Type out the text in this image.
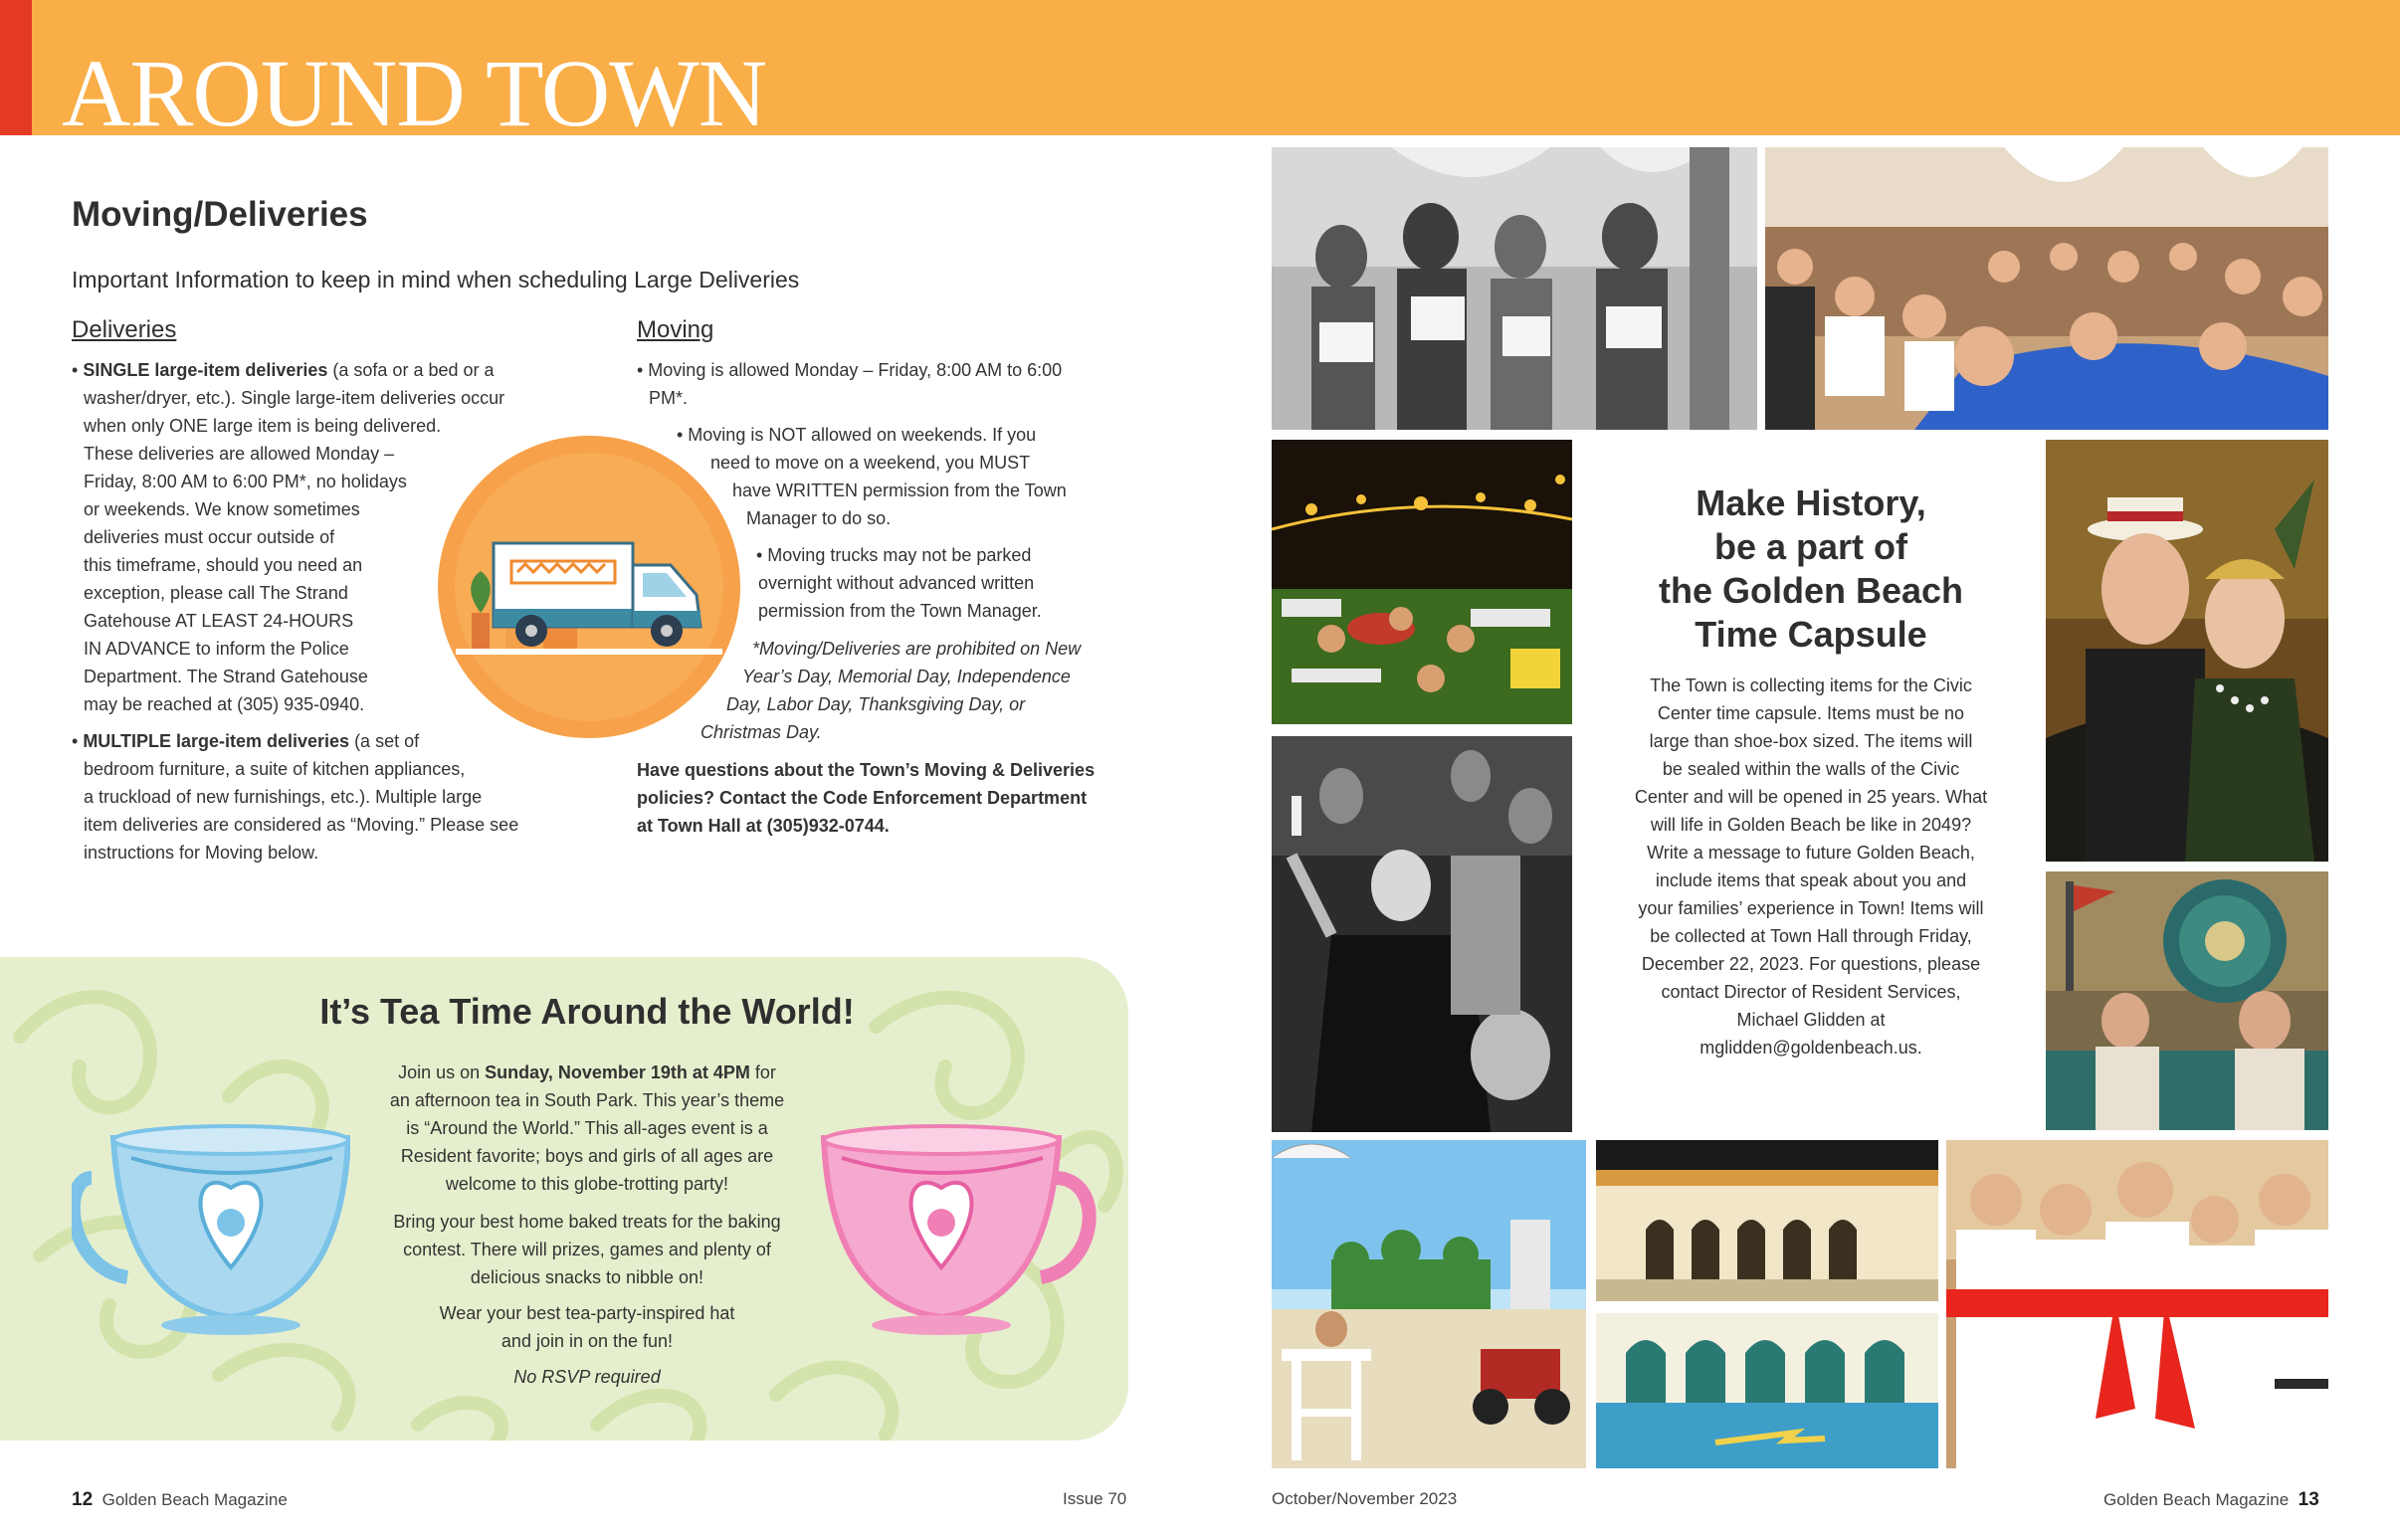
AROUND TOWN
Moving/Deliveries
Important Information to keep in mind when scheduling Large Deliveries
Deliveries	Moving
• SINGLE large-item deliveries (a sofa or a bed or a
washer/dryer, etc.). Single large-item deliveries occur
when only ONE large item is being delivered.
These deliveries are allowed Monday –
Friday, 8:00 AM to 6:00 PM*, no holidays
or weekends. We know sometimes
deliveries must occur outside of
this timeframe, should you need an
exception, please call The Strand
Gatehouse AT LEAST 24-HOURS
IN ADVANCE to inform the Police
Department. The Strand Gatehouse
may be reached at (305) 935-0940.
• MULTIPLE large-item deliveries (a set of
bedroom furniture, a suite of kitchen appliances,
a truckload of new furnishings, etc.). Multiple large
item deliveries are considered as “Moving.” Please see
instructions for Moving below.
• Moving is allowed Monday – Friday, 8:00 AM to 6:00
PM*.
• Moving is NOT allowed on weekends. If you
need to move on a weekend, you MUST
have WRITTEN permission from the Town
Manager to do so.
• Moving trucks may not be parked
overnight without advanced written
permission from the Town Manager.
*Moving/Deliveries are prohibited on New
Year’s Day, Memorial Day, Independence
Day, Labor Day, Thanksgiving Day, or
Christmas Day.
Have questions about the Town’s Moving & Deliveries
policies? Contact the Code Enforcement Department
at Town Hall at (305)932-0744.
It’s Tea Time Around the World!
Join us on Sunday, November 19th at 4PM for
an afternoon tea in South Park. This year’s theme
is “Around the World.” This all-ages event is a
Resident favorite; boys and girls of all ages are
welcome to this globe-trotting party!
Bring your best home baked treats for the baking
contest. There will prizes, games and plenty of
delicious snacks to nibble on!
Wear your best tea-party-inspired hat
and join in on the fun!
No RSVP required
12 Golden Beach Magazine	Issue 70	October/November 2023	Golden Beach Magazine 13
Make History,
be a part of
the Golden Beach
Time Capsule
The Town is collecting items for the Civic
Center time capsule. Items must be no
large than shoe-box sized. The items will
be sealed within the walls of the Civic
Center and will be opened in 25 years. What
will life in Golden Beach be like in 2049?
Write a message to future Golden Beach,
include items that speak about you and
your families’ experience in Town! Items will
be collected at Town Hall through Friday,
December 22, 2023. For questions, please
contact Director of Resident Services,
Michael Glidden at
mglidden@goldenbeach.us.
